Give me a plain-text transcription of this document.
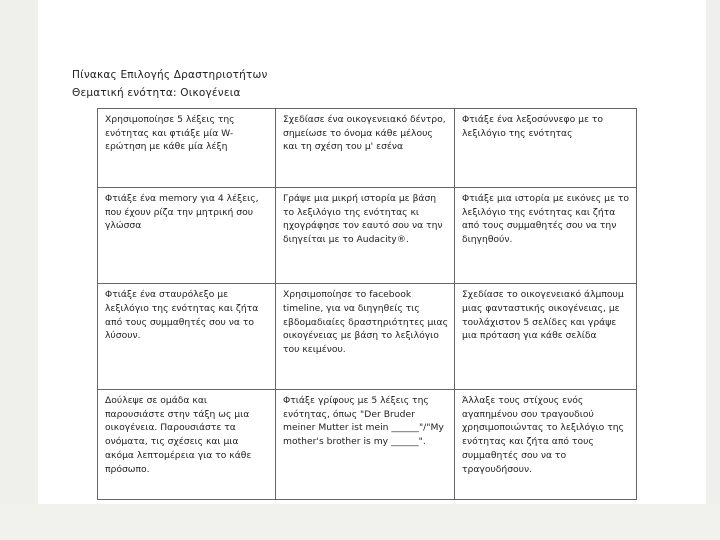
Πίνακας Επιλογής Δραστηριοτήτων
Θεματική ενότητα: Οικογένεια
Χρησιμοποίησε 5 λέξεις της ενότητας και φτιάξε μία W-ερώτηση με κάθε μία λέξη	Σχεδίασε ένα οικογενειακό δέντρο, σημείωσε το όνομα κάθε μέλους και τη σχέση του μ' εσένα	Φτιάξε ένα λεξοσύννεφο με το λεξιλόγιο της ενότητας
Φτιάξε ένα memory για 4 λέξεις, που έχουν ρίζα την μητρική σου γλώσσα	Γράψε μια μικρή ιστορία με βάση το λεξιλόγιο της ενότητας κι ηχογράφησε τον εαυτό σου να την διηγείται με το Audacity®.	Φτιάξε μια ιστορία με εικόνες με το λεξιλόγιο της ενότητας και ζήτα από τους συμμαθητές σου να την διηγηθούν.
Φτιάξε ένα σταυρόλεξο με λεξιλόγιο της ενότητας και ζήτα από τους συμμαθητές σου να το λύσουν.	Χρησιμοποίησε το facebook timeline, για να διηγηθείς τις εβδομαδιαίες δραστηριότητες μιας οικογένειας με βάση το λεξιλόγιο του κειμένου.	Σχεδίασε το οικογενειακό άλμπουμ μιας φανταστικής οικογένειας, με τουλάχιστον 5 σελίδες και γράψε μια πρόταση για κάθε σελίδα
Δούλεψε σε ομάδα και παρουσιάστε στην τάξη ως μια οικογένεια. Παρουσιάστε τα ονόματα, τις σχέσεις και μια ακόμα λεπτομέρεια για το κάθε πρόσωπο.	Φτιάξε γρίφους με 5 λέξεις της ενότητας, όπως "Der Bruder meiner Mutter ist mein ______"/"My mother's brother is my ______".	Άλλαξε τους στίχους ενός αγαπημένου σου τραγουδιού χρησιμοποιώντας το λεξιλόγιο της ενότητας και ζήτα από τους συμμαθητές σου να το τραγουδήσουν.
